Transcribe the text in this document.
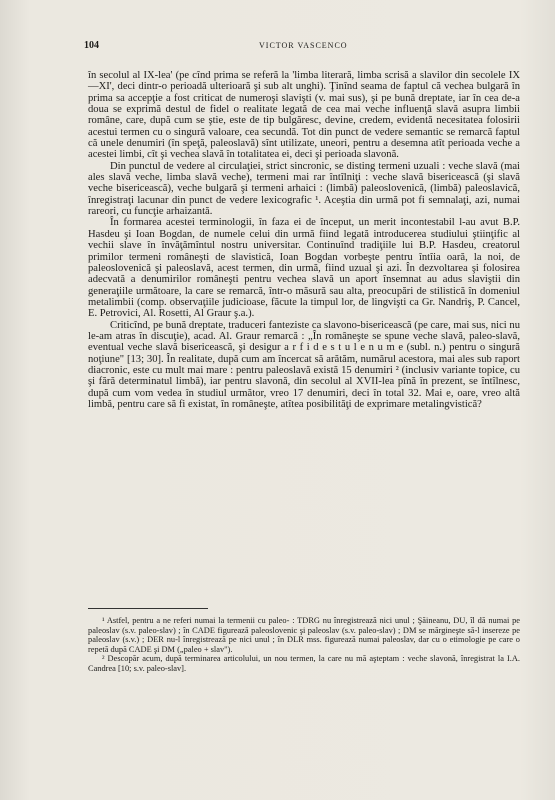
104	VICTOR VASCENCO

în secolul al IX-lea' (pe cînd prima se referă la 'limba literară, limba scrisă a slavilor din secolele IX—XI', deci dintr-o perioadă ulterioară şi sub alt unghi). Ţinînd seama de faptul că vechea bulgară în prima sa accepţie a fost criticat de numeroşi slavişti (v. mai sus), şi pe bună dreptate, iar în cea de-a doua se exprimă destul de fidel o realitate legată de cea mai veche influenţă slavă asupra limbii române, care, după cum se ştie, este de tip bulgăresc, devine, credem, evidentă necesitatea folosirii acestui termen cu o singură valoare, cea secundă. Tot din punct de vedere semantic se remarcă faptul că unele denumiri (în speţă, paleoslavă) sînt utilizate, uneori, pentru a desemna atît perioada veche a acestei limbi, cît şi vechea slavă în totalitatea ei, deci şi perioada slavonă.

Din punctul de vedere al circulaţiei, strict sincronic, se disting termeni uzuali : veche slavă (mai ales slavă veche, limba slavă veche), termeni mai rar întîlniţi : veche slavă bisericească (şi slavă veche bisericească), veche bulgară şi termeni arhaici : (limbă) paleoslovenică, (limbă) paleoslavică, înregistraţi lacunar din punct de vedere lexicografic ¹. Aceştia din urmă pot fi semnalaţi, azi, numai rareori, cu funcţie arhaizantă.

În formarea acestei terminologii, în faza ei de început, un merit incontestabil l-au avut B.P. Hasdeu şi Ioan Bogdan, de numele celui din urmă fiind legată introducerea studiului ştiinţific al vechii slave în învăţămîntul nostru universitar. Continuînd tradiţiile lui B.P. Hasdeu, creatorul primilor termeni româneşti de slavistică, Ioan Bogdan vorbeşte pentru întîia oară, la noi, de paleoslovenică şi paleoslavă, acest termen, din urmă, fiind uzual şi azi. În dezvoltarea şi folosirea adecvată a denumirilor româneşti pentru vechea slavă un aport însemnat au adus slaviştii din generaţiile următoare, la care se remarcă, într-o măsură sau alta, preocupări de stilistică în domeniul metalimbii (comp. observaţiile judicioase, făcute la timpul lor, de lingvişti ca Gr. Nandriş, P. Cancel, E. Petrovici, Al. Rosetti, Al Graur ş.a.).

Criticînd, pe bună dreptate, traduceri fanteziste ca slavono-bisericească (pe care, mai sus, nici nu le-am atras în discuţie), acad. Al. Graur remarcă : „În româneşte se spune veche slavă, paleo-slavă, eventual veche slavă bisericească, şi desigur a r f i d e s t u l e n u m e (subl. n.) pentru o singură noţiune" [13; 30]. În realitate, după cum am încercat să arătăm, numărul acestora, mai ales sub raport diacronic, este cu mult mai mare : pentru paleoslavă există 15 denumiri ² (inclusiv variante topice, cu şi fără determinatul limbă), iar pentru slavonă, din secolul al XVII-lea pînă în prezent, se întîlnesc, după cum vom vedea în studiul următor, vreo 17 denumiri, deci în total 32. Mai e, oare, vreo altă limbă, pentru care să fi existat, în româneşte, atîtea posibilităţi de exprimare metalingvistică?

¹ Astfel, pentru a ne referi numai la termenii cu paleo- : TDRG nu înregistrează nici unul ; Şăineanu, DU, îl dă numai pe paleoslav (s.v. paleo-slav) ; în CADE figurează paleoslovenic şi paleoslav (s.v. paleo-slav) ; DM se mărgineşte să-l insereze pe paleoslav (s.v.) ; DER nu-l înregistrează pe nici unul ; în DLR mss. figurează numai paleoslav, dar cu o etimologie pe care o repetă după CADE şi DM („paleo + slav").

² Descopăr acum, după terminarea articolului, un nou termen, la care nu mă aşteptam : veche slavonă, înregistrat la I.A. Candrea [10; s.v. paleo-slav].
